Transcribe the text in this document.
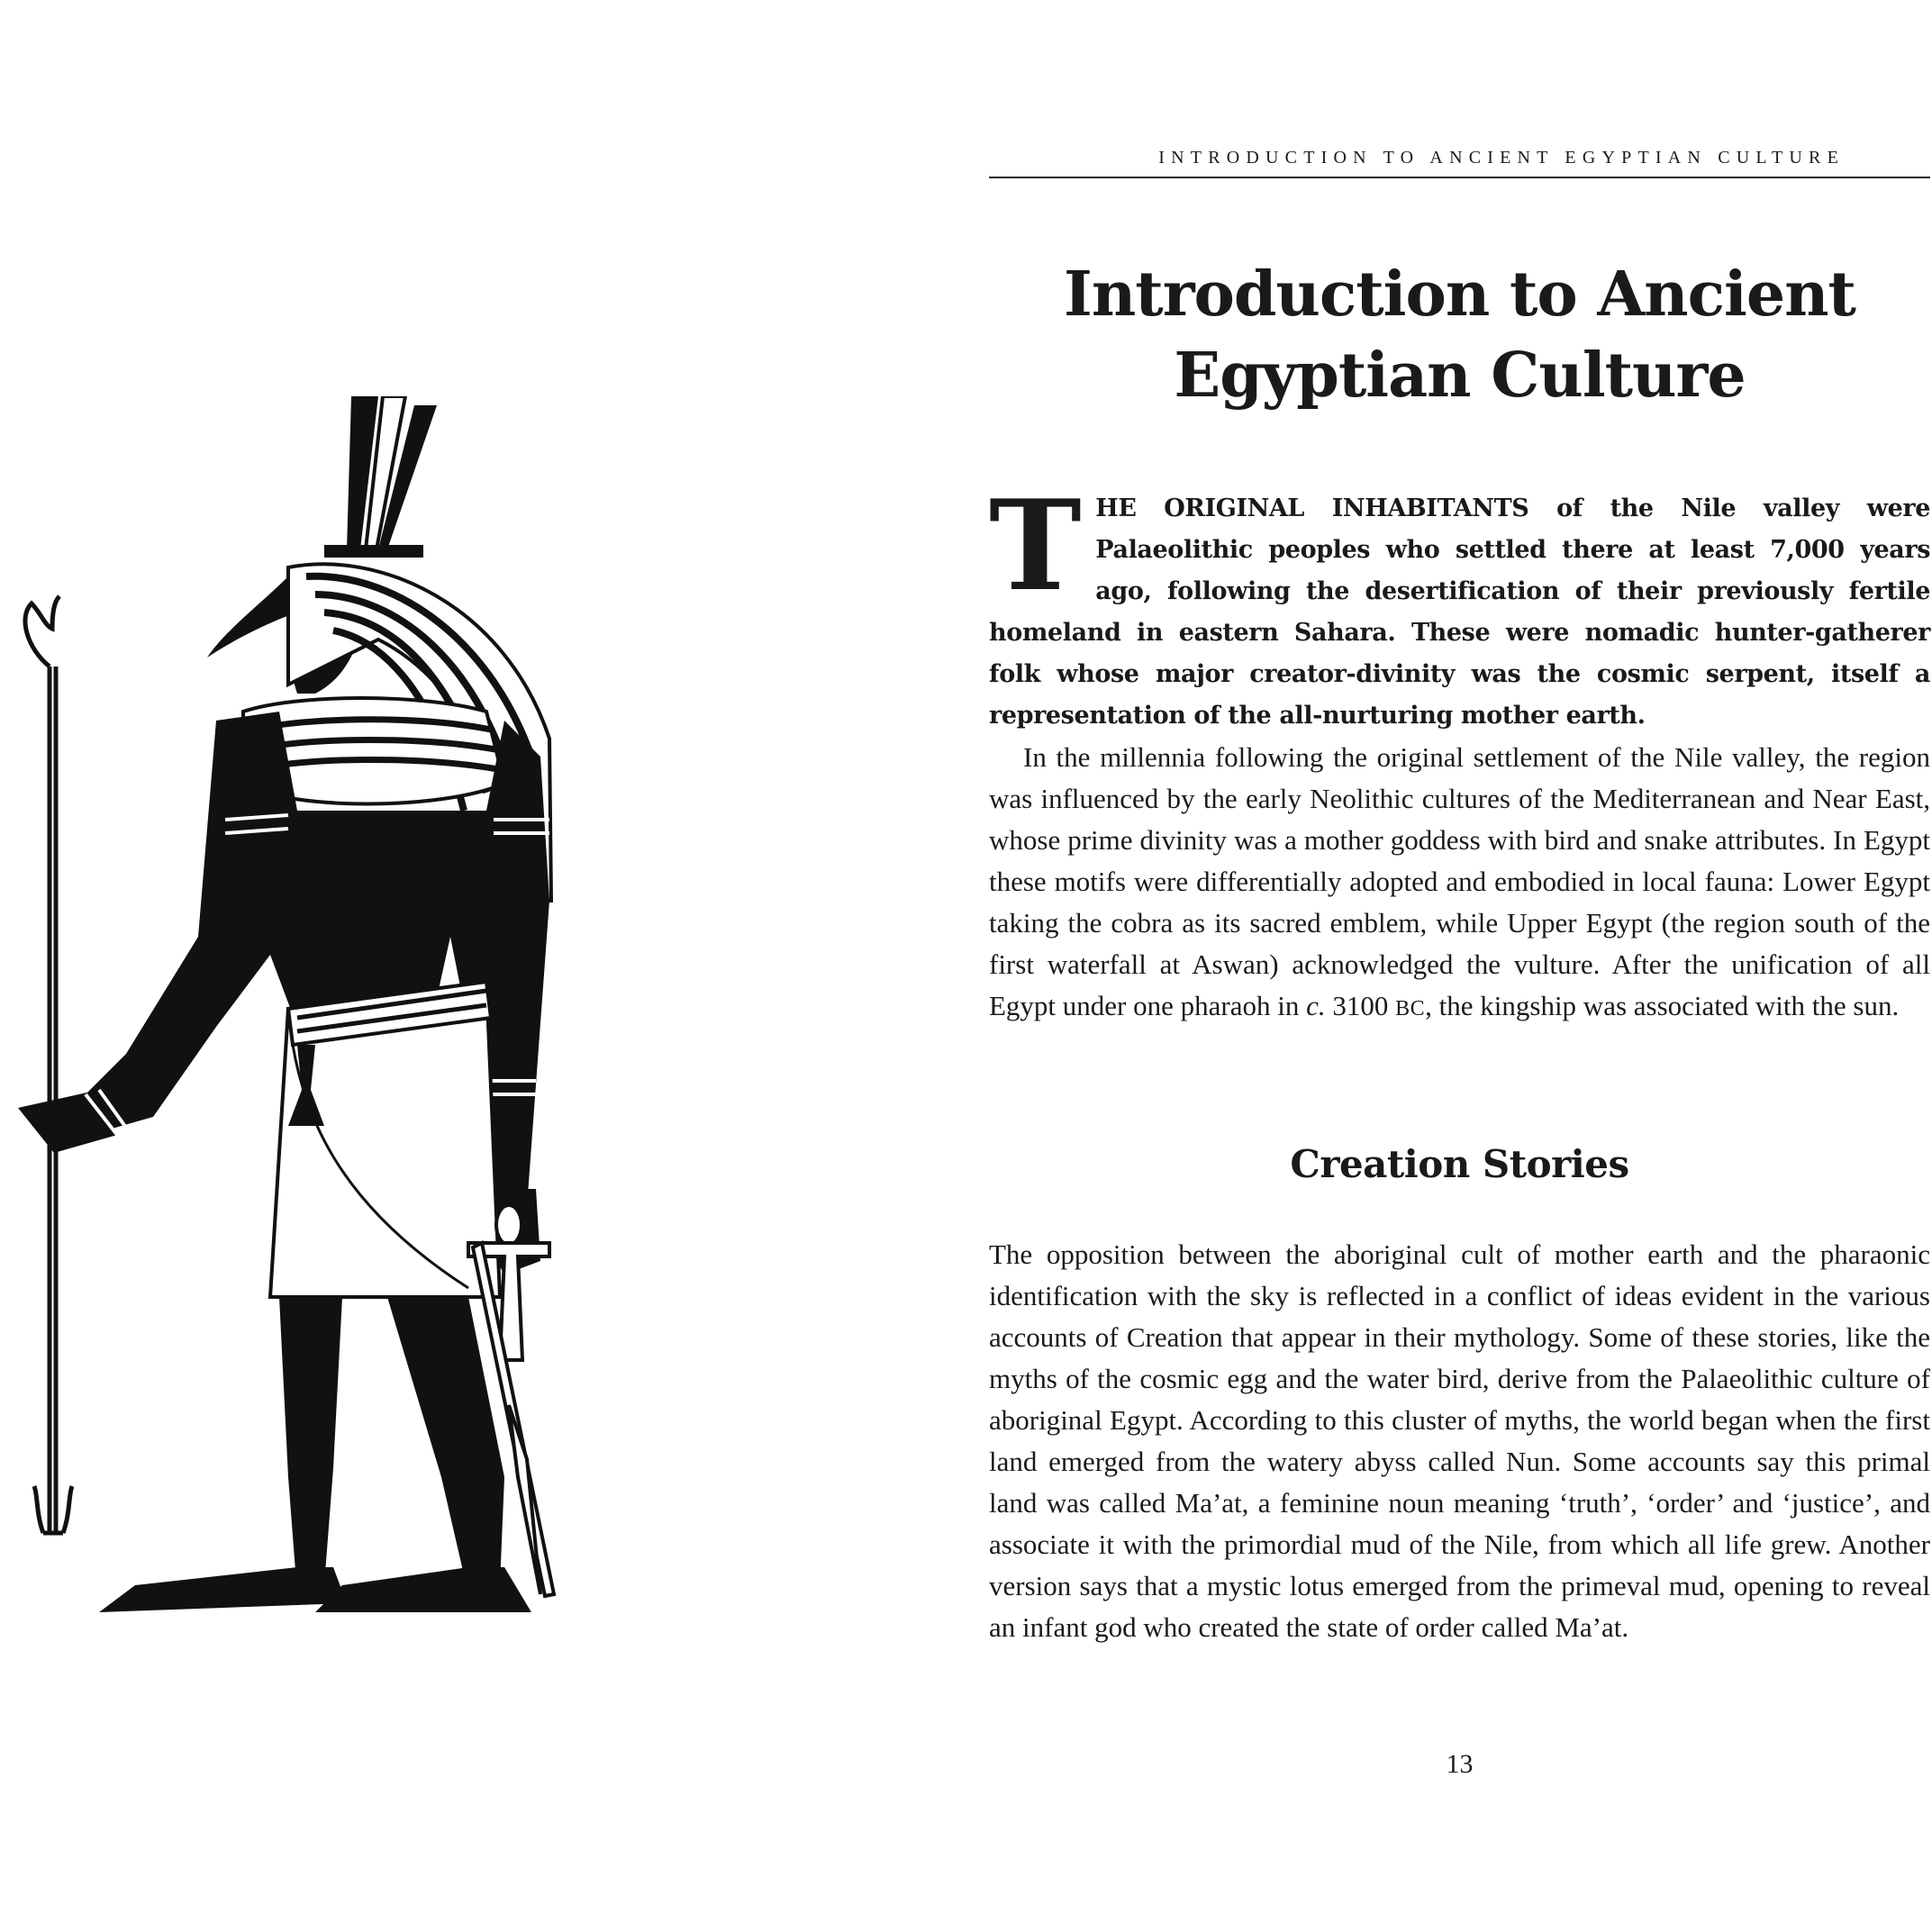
INTRODUCTION TO ANCIENT EGYPTIAN CULTURE
Introduction to Ancient
Egyptian Culture
THE ORIGINAL INHABITANTS of the Nile valley were Palaeolithic peoples who settled there at least 7,000 years ago, following the desertification of their previously fertile homeland in eastern Sahara. These were nomadic hunter-gatherer folk whose major creator-divinity was the cosmic serpent, itself a representation of the all-nurturing mother earth.

In the millennia following the original settlement of the Nile valley, the region was influenced by the early Neolithic cultures of the Mediterranean and Near East, whose prime divinity was a mother goddess with bird and snake attributes. In Egypt these motifs were differentially adopted and embodied in local fauna: Lower Egypt taking the cobra as its sacred emblem, while Upper Egypt (the region south of the first waterfall at Aswan) acknowledged the vulture. After the unification of all Egypt under one pharaoh in c. 3100 BC, the kingship was associated with the sun.

Creation Stories

The opposition between the aboriginal cult of mother earth and the pharaonic identification with the sky is reflected in a conflict of ideas evident in the various accounts of Creation that appear in their mythology. Some of these stories, like the myths of the cosmic egg and the water bird, derive from the Palaeolithic culture of aboriginal Egypt. According to this cluster of myths, the world began when the first land emerged from the watery abyss called Nun. Some accounts say this primal land was called Ma’at, a feminine noun meaning ‘truth’, ‘order’ and ‘justice’, and associate it with the primordial mud of the Nile, from which all life grew. Another version says that a mystic lotus emerged from the primeval mud, opening to reveal an infant god who created the state of order called Ma’at.

13
